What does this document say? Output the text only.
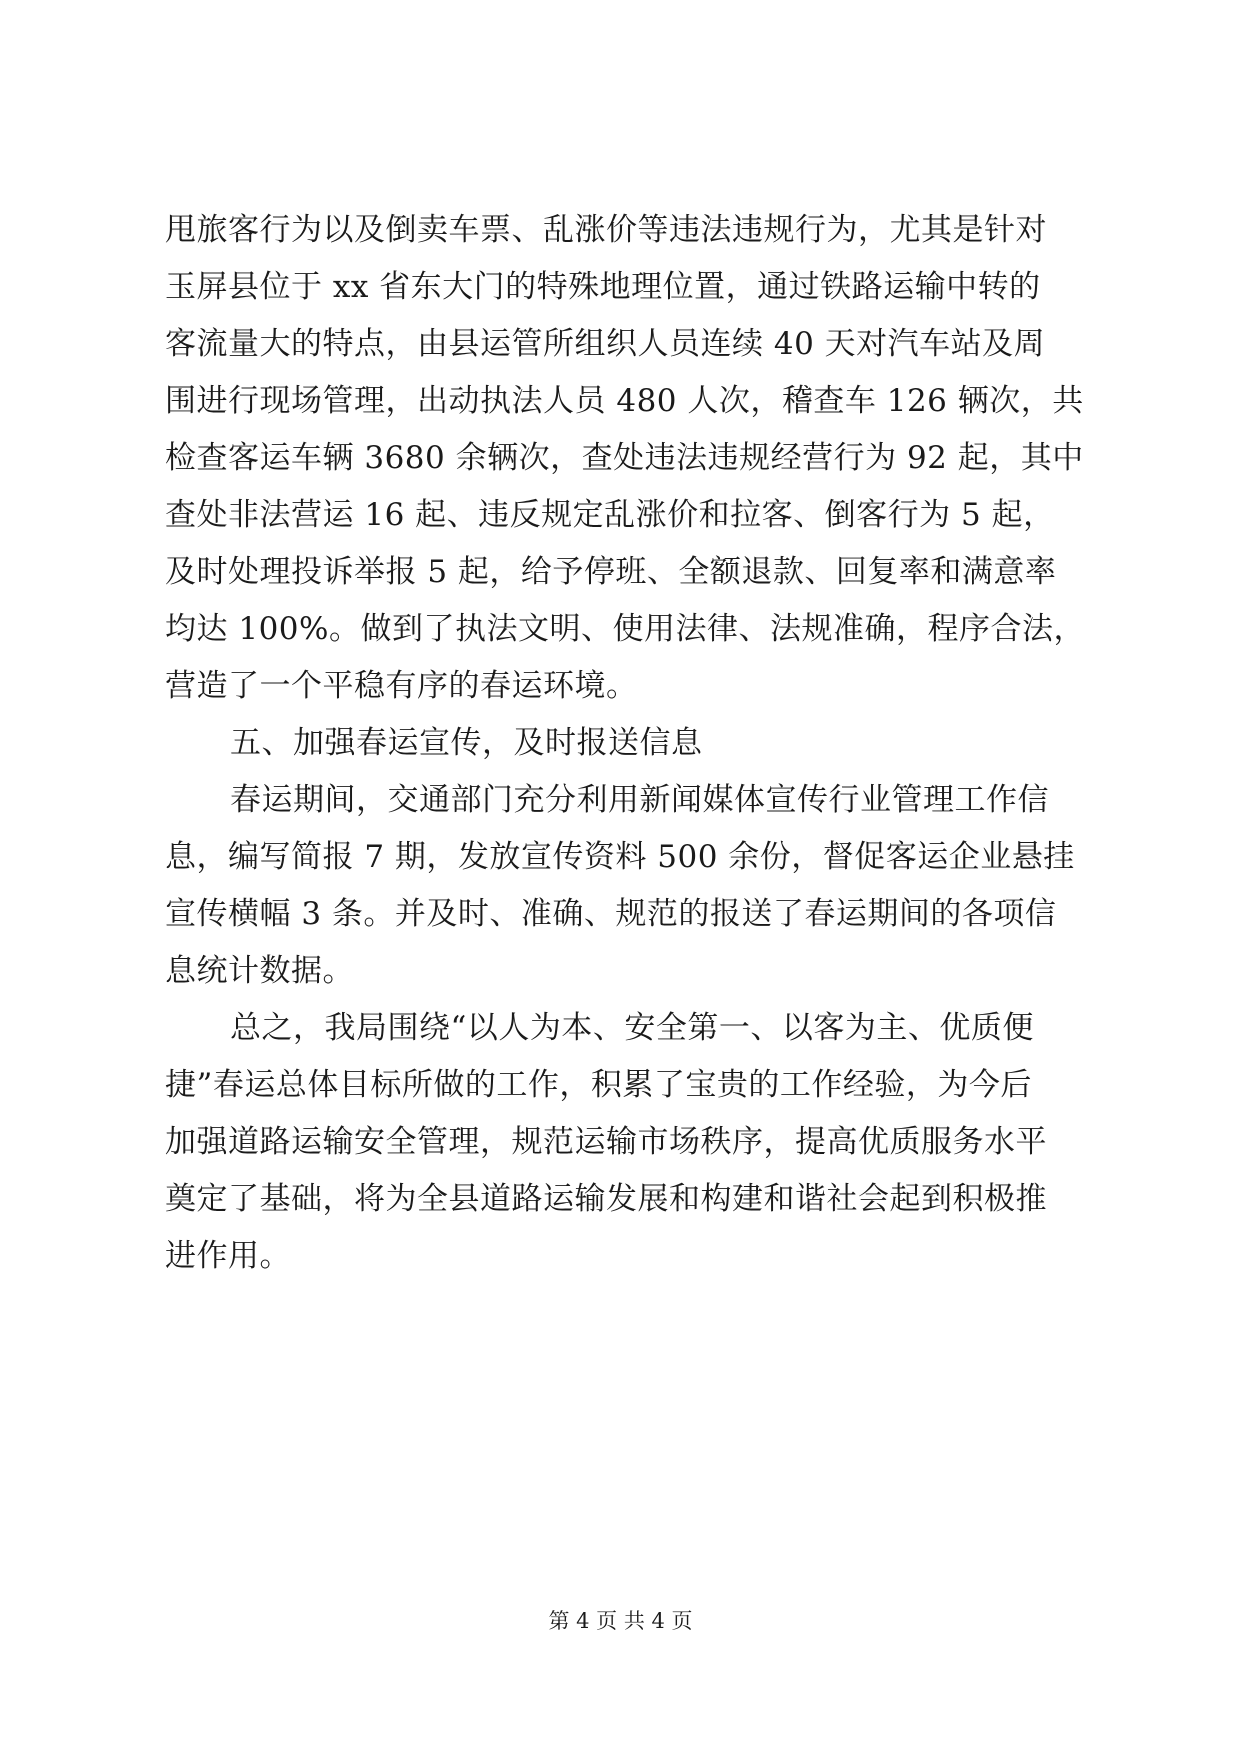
甩旅客行为以及倒卖车票、乱涨价等违法违规行为，尤其是针对

玉屏县位于 xx 省东大门的特殊地理位置，通过铁路运输中转的

客流量大的特点，由县运管所组织人员连续 40 天对汽车站及周

围进行现场管理，出动执法人员 480 人次，稽查车 126 辆次，共

检查客运车辆 3680 余辆次，查处违法违规经营行为 92 起，其中

查处非法营运 16 起、违反规定乱涨价和拉客、倒客行为 5 起，

及时处理投诉举报 5 起，给予停班、全额退款、回复率和满意率

均达 100%。做到了执法文明、使用法律、法规准确，程序合法，

营造了一个平稳有序的春运环境。

五、加强春运宣传，及时报送信息

春运期间，交通部门充分利用新闻媒体宣传行业管理工作信

息，编写简报 7 期，发放宣传资料 500 余份，督促客运企业悬挂

宣传横幅 3 条。并及时、准确、规范的报送了春运期间的各项信

息统计数据。

总之，我局围绕“以人为本、安全第一、以客为主、优质便

捷”春运总体目标所做的工作，积累了宝贵的工作经验，为今后

加强道路运输安全管理，规范运输市场秩序，提高优质服务水平

奠定了基础，将为全县道路运输发展和构建和谐社会起到积极推

进作用。

第 4 页 共 4 页
